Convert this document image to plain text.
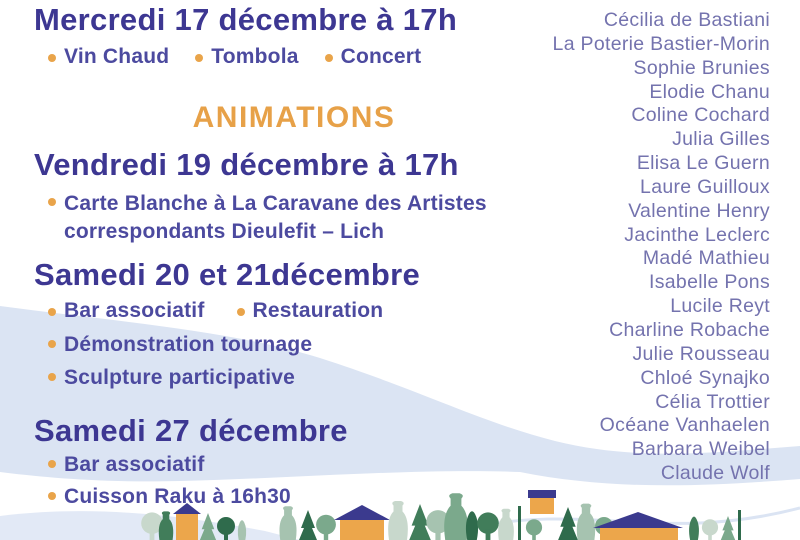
Mercredi 17 décembre à 17h
Vin Chaud Tombola Concert
ANIMATIONS
Vendredi 19 décembre à 17h
Carte Blanche à La Caravane des Artistes correspondants Dieulefit – Lich
Samedi 20 et 21décembre
Bar associatif Restauration
Démonstration tournage
Sculpture participative
Samedi 27 décembre
Bar associatif
Cuisson Raku à 16h30
Cécilia de Bastiani
La Poterie Bastier-Morin
Sophie Brunies
Elodie Chanu
Coline Cochard
Julia Gilles
Elisa Le Guern
Laure Guilloux
Valentine Henry
Jacinthe Leclerc
Madé Mathieu
Isabelle Pons
Lucile Reyt
Charline Robache
Julie Rousseau
Chloé Synajko
Célia Trottier
Océane Vanhaelen
Barbara Weibel
Claude Wolf
